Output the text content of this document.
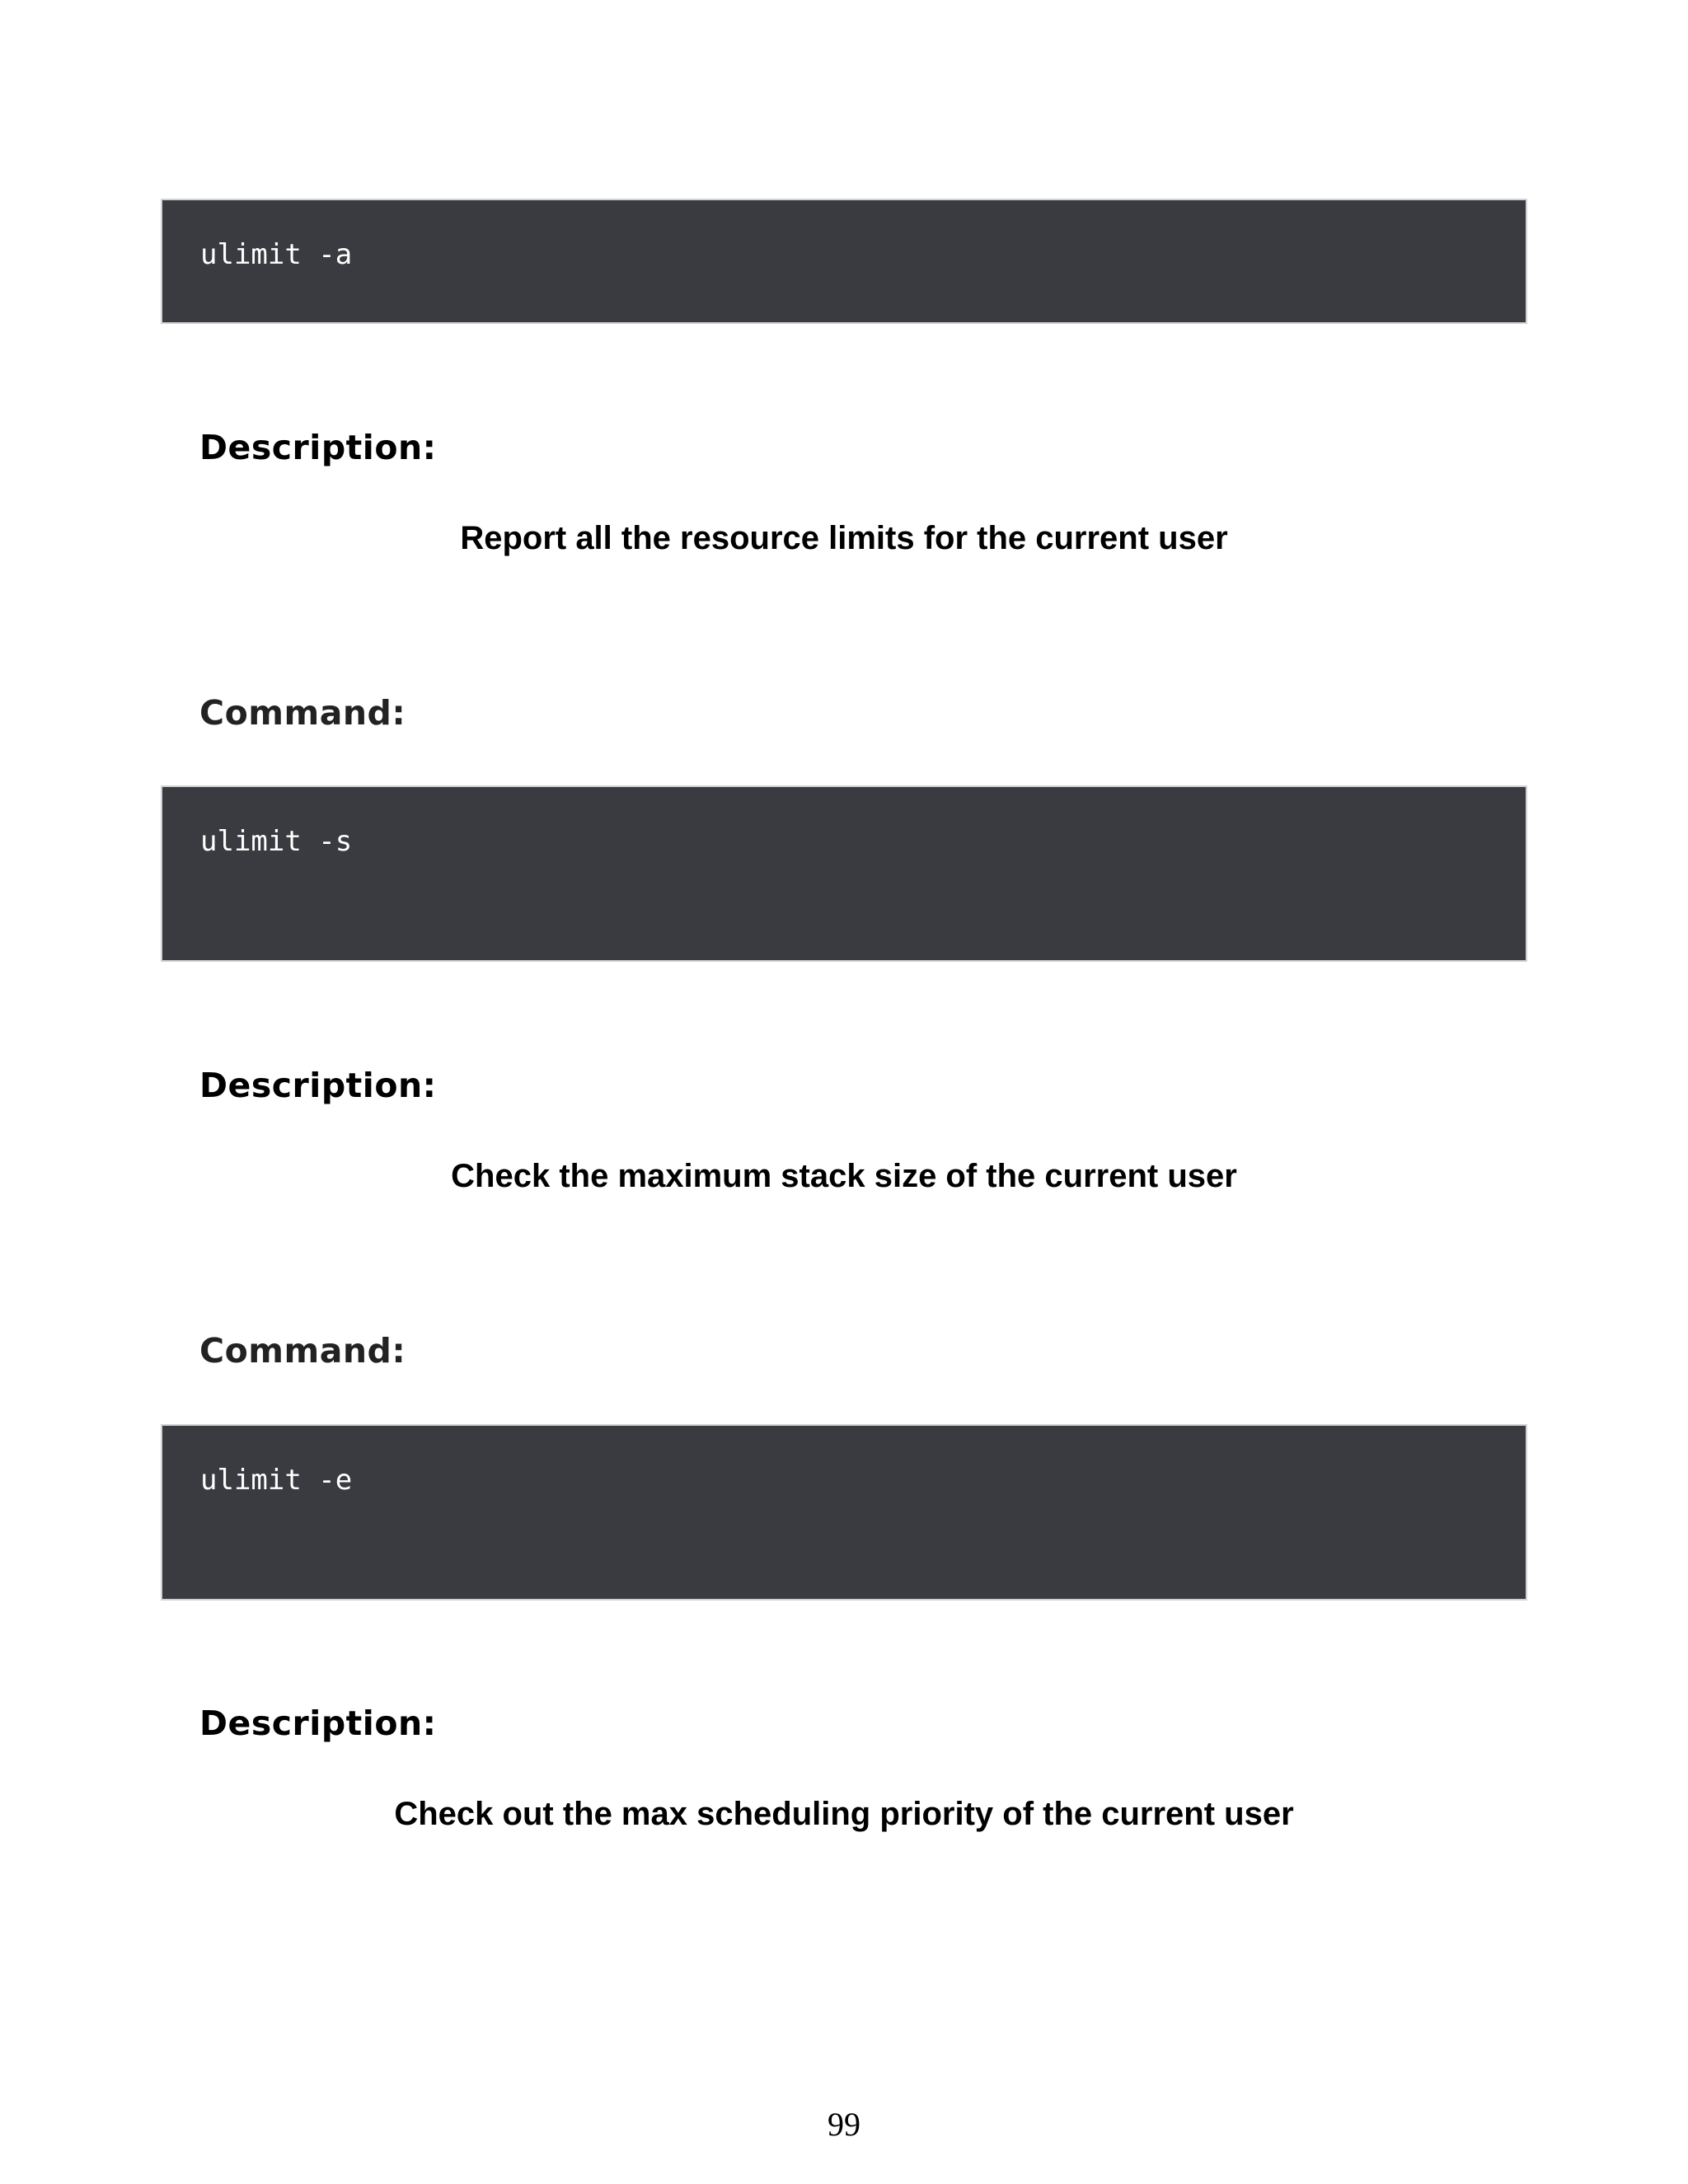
ulimit -a
Description:
Report all the resource limits for the current user
Command:
ulimit -s
Description:
Check the maximum stack size of the current user
Command:
ulimit -e
Description:
Check out the max scheduling priority of the current user
99
